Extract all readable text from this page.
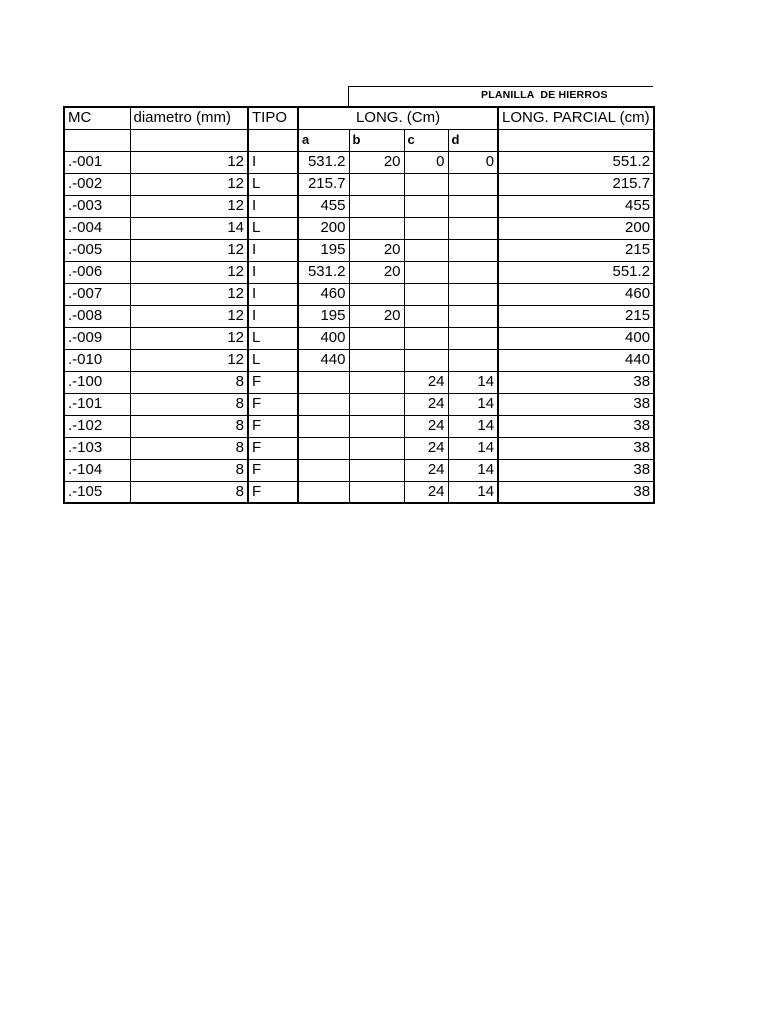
PLANILLA  DE HIERROS
MC	diametro (mm)	TIPO	LONG. (Cm)				LONG. PARCIAL (cm)
			a	b	c	d	
.-001	12	I	531.2	20	0	0	551.2
.-002	12	L	215.7				215.7
.-003	12	I	455				455
.-004	14	L	200				200
.-005	12	I	195	20			215
.-006	12	I	531.2	20			551.2
.-007	12	I	460				460
.-008	12	I	195	20			215
.-009	12	L	400				400
.-010	12	L	440				440
.-100	8	F			24	14	38
.-101	8	F			24	14	38
.-102	8	F			24	14	38
.-103	8	F			24	14	38
.-104	8	F			24	14	38
.-105	8	F			24	14	38
